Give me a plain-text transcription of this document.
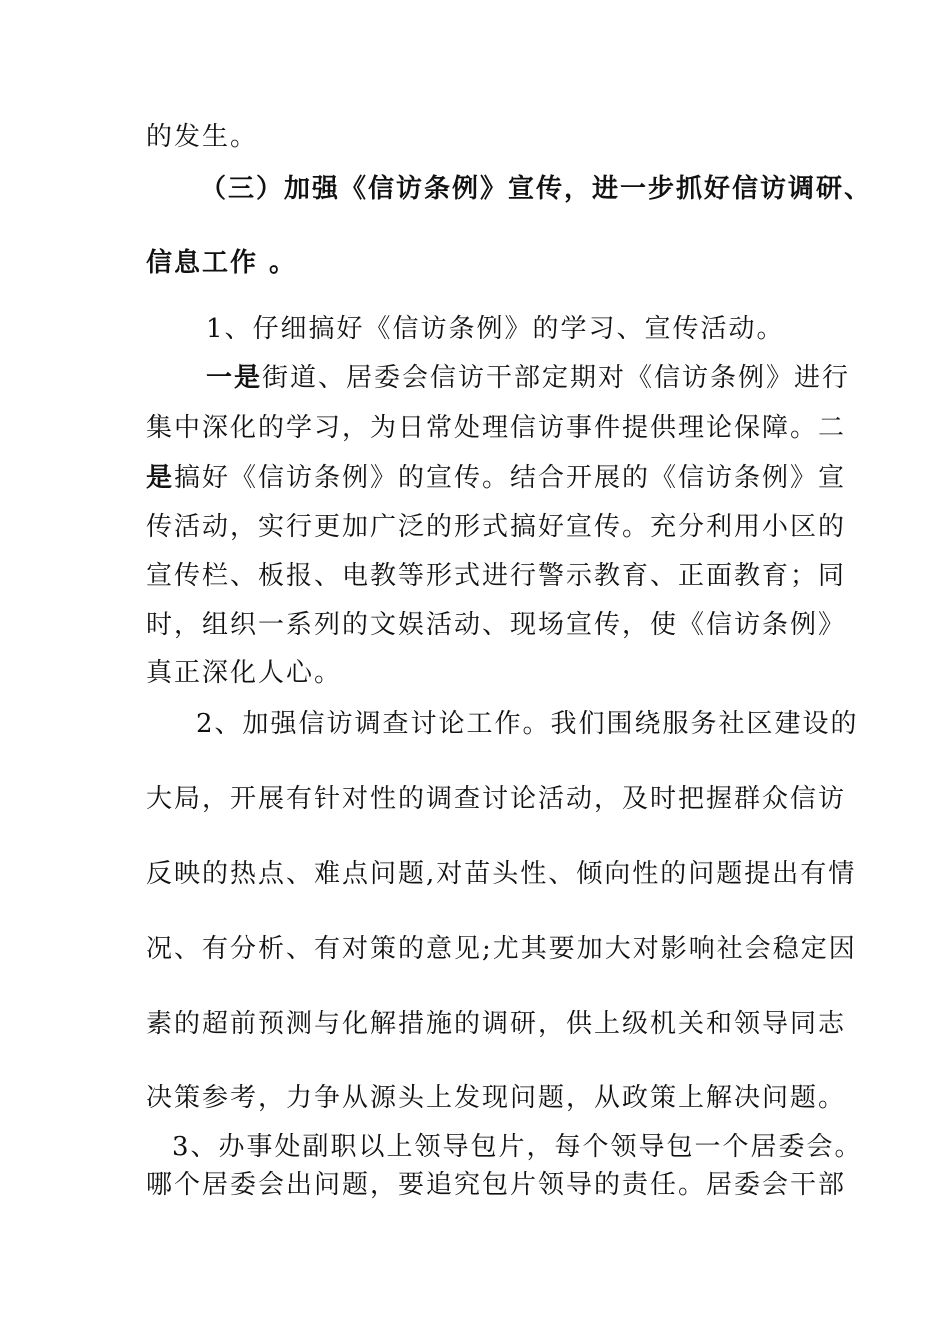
的发生。
（三）加强《信访条例》宣传，进一步抓好信访调研、
信息工作 。
1、仔细搞好《信访条例》的学习、宣传活动。
一是街道、居委会信访干部定期对《信访条例》进行
集中深化的学习，为日常处理信访事件提供理论保障。二
是搞好《信访条例》的宣传。结合开展的《信访条例》宣
传活动，实行更加广泛的形式搞好宣传。充分利用小区的
宣传栏、板报、电教等形式进行警示教育、正面教育；同
时，组织一系列的文娱活动、现场宣传，使《信访条例》
真正深化人心。
2、加强信访调查讨论工作。我们围绕服务社区建设的
大局，开展有针对性的调查讨论活动，及时把握群众信访
反映的热点、难点问题,对苗头性、倾向性的问题提出有情
况、有分析、有对策的意见;尤其要加大对影响社会稳定因
素的超前预测与化解措施的调研，供上级机关和领导同志
决策参考，力争从源头上发现问题，从政策上解决问题。
3、办事处副职以上领导包片，每个领导包一个居委会。
哪个居委会出问题，要追究包片领导的责任。居委会干部
